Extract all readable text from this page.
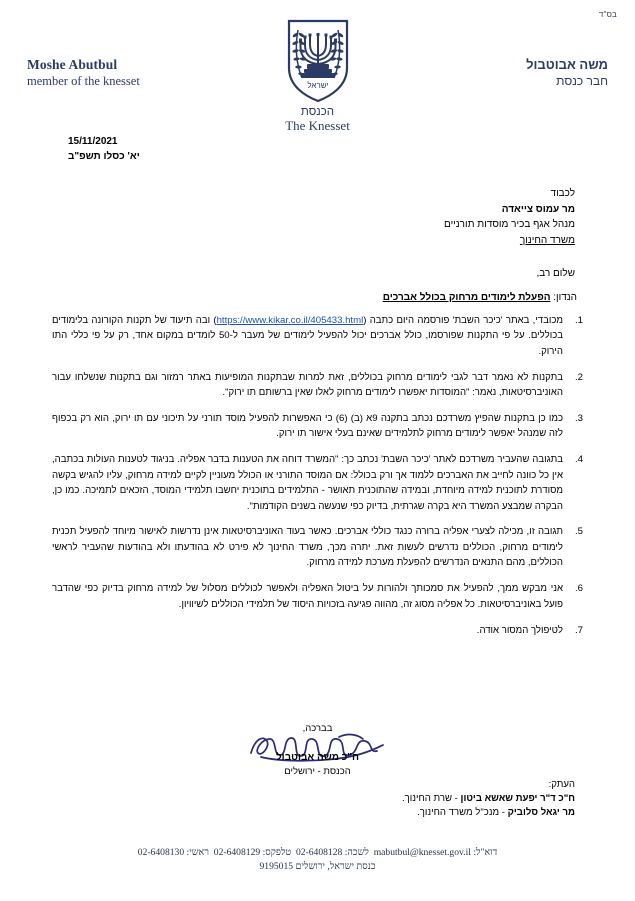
בס"ד
Moshe Abutbul
member of the knesset	ישראל
הכנסת
The Knesset
משה אבוטבול
חבר כנסת
15/11/2021
יא' כסלו תשפ"ב
לכבוד
מר עמוס צייאדה
מנהל אגף בכיר מוסדות תורניים
משרד החינוך
שלום רב,
הנדון: הפעלת לימודים מרחוק בכולל אברכים
1.
מכובדי, באתר 'כיכר השבת' פורסמה היום כתבה (https://www.kikar.co.il/405433.html) ובה תיעוד של תקנות הקורונה בלימודים בכוללים. על פי התקנות שפורסמו, כולל אברכים יכול להפעיל לימודים של מעבר ל-50 לומדים במקום אחד, רק על פי כללי התו הירוק.
2.
בתקנות לא נאמר דבר לגבי לימודים מרחוק בכוללים, זאת למרות שבתקנות המופיעות באתר רמזור וגם בתקנות שנשלחו עבור האוניברסיטאות, נאמר: "המוסדות יאפשרו לימודים מרחוק לאלו שאין ברשותם תו ירוק".
3.
כמו כן בתקנות שהפיץ משרדכם נכתב בתקנה 9א (ב) (6) כי האפשרות להפעיל מוסד תורני על תיכוני עם תו ירוק, הוא רק בכפוף לזה שמנהל יאפשר לימודים מרחוק לתלמידים שאינם בעלי אישור תו ירוק.
4.
בתגובה שהעביר משרדכם לאתר 'כיכר השבת' נכתב כך: "המשרד דוחה את הטענות בדבר אפליה. בניגוד לטענות העולות בכתבה, אין כל כוונה לחייב את האברכים ללמוד אך ורק בכולל: אם המוסד התורני או הכולל מעוניין לקיים למידה מרחוק, עליו להגיש בקשה מסודרת לתוכנית למידה מיוחדת, ובמידה שהתוכנית תאושר - התלמידים בתוכנית יחשבו תלמידי המוסד, הזכאים לתמיכה. כמו כן, הבקרה שמבצע המשרד היא בקרה שגרתית, בדיוק כפי שנעשה בשנים הקודמות".
5.
תגובה זו, מכילה לצערי אפליה ברורה כנגד כוללי אברכים. כאשר בעוד האוניברסיטאות אינן נדרשות לאישור מיוחד להפעיל תכנית לימודים מרחוק, הכוללים נדרשים לעשות זאת. יתרה מכך, משרד החינוך לא פירט לא בהודעתו ולא בהודעות שהעביר לראשי הכוללים, מהם התנאים הנדרשים להפעלת מערכת למידה מרחוק.
6.
אני מבקש ממך, להפעיל את סמכותך ולהורות על ביטול האפליה ולאפשר לכוללים מסלול של למידה מרחוק בדיוק כפי שהדבר פועל באוניברסיטאות. כל אפליה מסוג זה, מהווה פגיעה בזכויות היסוד של תלמידי הכוללים לשיוויון.
7.
לטיפולך המסור אודה.
בברכה,
ח"כ משה אבוטבול
הכנסת - ירושלים
העתק:
ח"כ ד"ר יפעת שאשא ביטון - שרת החינוך.
מר יגאל סלוביק - מנכ"ל משרד החינוך.
דוא"ל: mabutbul@knesset.gov.il  לשכה: 02-6408128  טלפקס: 02-6408129  ראשי: 02-6408130
כנסת ישראל, ירושלים 9195015
